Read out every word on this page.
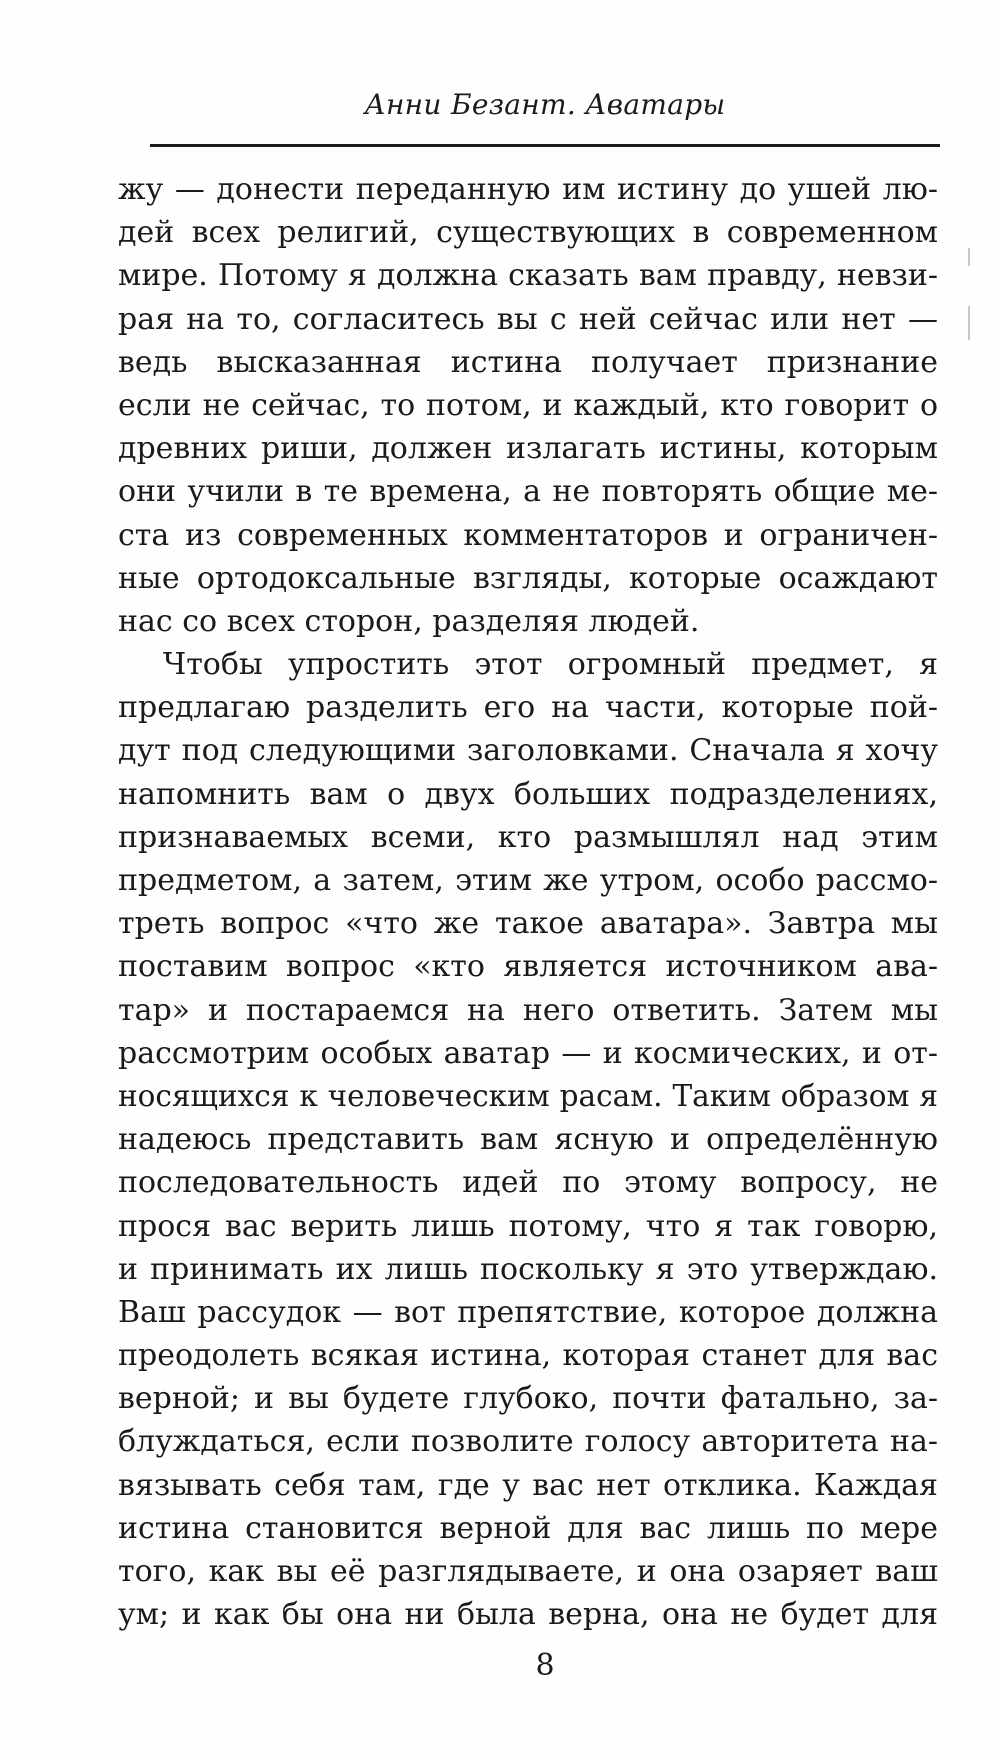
Анни Безант. Аватары
жу — донести переданную им истину до ушей лю-
дей всех религий, существующих в современном
мире. Потому я должна сказать вам правду, невзи-
рая на то, согласитесь вы с ней сейчас или нет —
ведь высказанная истина получает признание
если не сейчас, то потом, и каждый, кто говорит о
древних риши, должен излагать истины, которым
они учили в те времена, а не повторять общие ме-
ста из современных комментаторов и ограничен-
ные ортодоксальные взгляды, которые осаждают
нас со всех сторон, разделяя людей.
Чтобы упростить этот огромный предмет, я
предлагаю разделить его на части, которые пой-
дут под следующими заголовками. Сначала я хочу
напомнить вам о двух больших подразделениях,
признаваемых всеми, кто размышлял над этим
предметом, а затем, этим же утром, особо рассмо-
треть вопрос «что же такое аватара». Завтра мы
поставим вопрос «кто является источником ава-
тар» и постараемся на него ответить. Затем мы
рассмотрим особых аватар — и космических, и от-
носящихся к человеческим расам. Таким образом я
надеюсь представить вам ясную и определённую
последовательность идей по этому вопросу, не
прося вас верить лишь потому, что я так говорю,
и принимать их лишь поскольку я это утверждаю.
Ваш рассудок — вот препятствие, которое должна
преодолеть всякая истина, которая станет для вас
верной; и вы будете глубоко, почти фатально, за-
блуждаться, если позволите голосу авторитета на-
вязывать себя там, где у вас нет отклика. Каждая
истина становится верной для вас лишь по мере
того, как вы её разглядываете, и она озаряет ваш
ум; и как бы она ни была верна, она не будет для
8
